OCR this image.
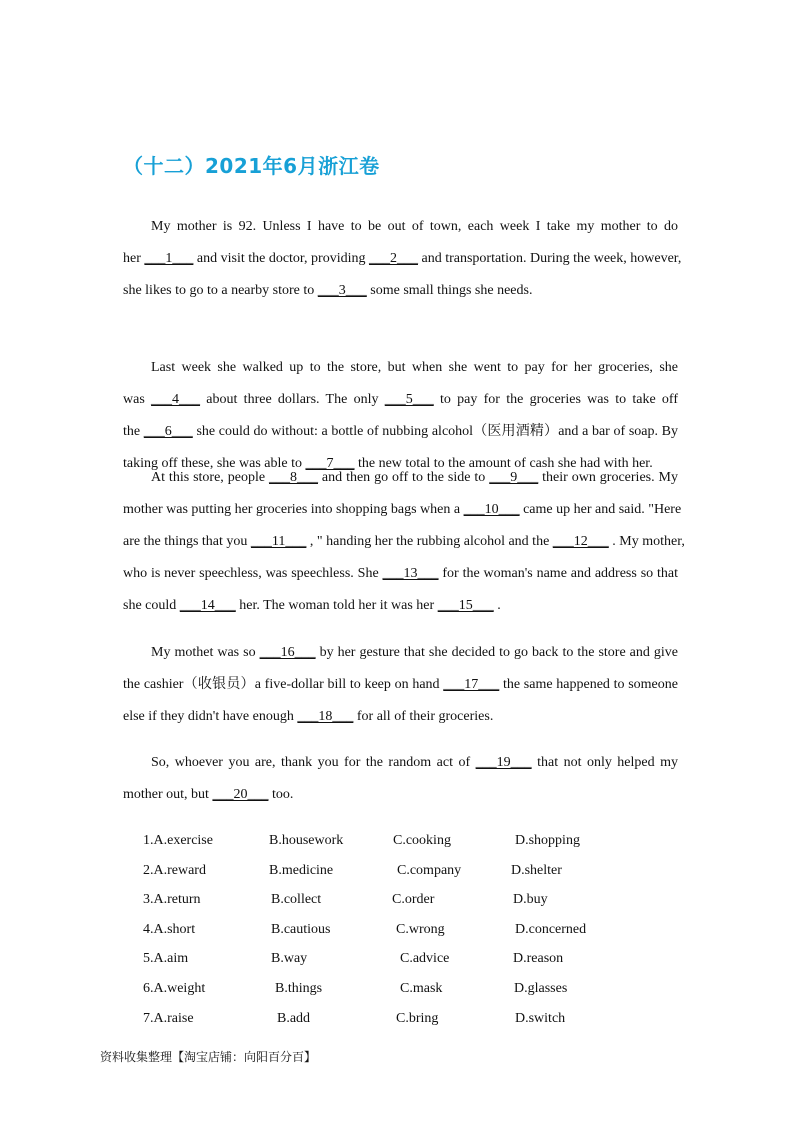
（十二）2021年6月浙江卷
My mother is 92. Unless I have to be out of town, each week I take my mother to do
her ___1___ and visit the doctor, providing ___2___ and transportation. During the week, however,
she likes to go to a nearby store to ___3___ some small things she needs.
Last week she walked up to the store, but when she went to pay for her groceries, she
was ___4___ about three dollars. The only ___5___ to pay for the groceries was to take off
the ___6___ she could do without: a bottle of nubbing alcohol（医用酒精）and a bar of soap. By
taking off these, she was able to ___7___ the new total to the amount of cash she had with her.
At this store, people ___8___ and then go off to the side to ___9___ their own groceries. My
mother was putting her groceries into shopping bags when a ___10___ came up her and said. "Here
are the things that you ___11___ , " handing her the rubbing alcohol and the ___12___ . My mother,
who is never speechless, was speechless. She ___13___ for the woman's name and address so that
she could ___14___ her. The woman told her it was her ___15___ .
My mothet was so ___16___ by her gesture that she decided to go back to the store and give
the cashier（收银员）a five-dollar bill to keep on hand ___17___ the same happened to someone
else if they didn't have enough ___18___ for all of their groceries.
So, whoever you are, thank you for the random act of ___19___ that not only helped my
mother out, but ___20___ too.
1.A.exercise	B.housework	C.cooking	D.shopping
2.A.reward	B.medicine	C.company	D.shelter
3.A.return	B.collect	C.order	D.buy
4.A.short	B.cautious	C.wrong	D.concerned
5.A.aim	B.way	C.advice	D.reason
6.A.weight	B.things	C.mask	D.glasses
7.A.raise	B.add	C.bring	D.switch
资料收集整理【淘宝店铺：向阳百分百】
